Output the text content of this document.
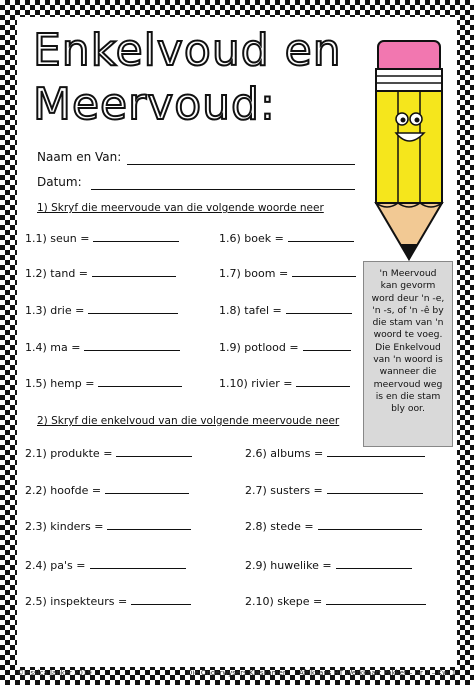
Enkelvoud en
Meervoud:
Naam en Van:
Datum:
1) Skryf die meervoude van die volgende woorde neer
1.1) seun =
1.2) tand =
1.3) drie =
1.4) ma =
1.5) hemp =
1.6) boek =
1.7) boom =
1.8) tafel =
1.9) potlood =
1.10) rivier =
'n Meervoud kan gevorm word deur 'n -e, 'n -s, of 'n -ê by die stam van 'n woord te voeg. Die Enkelvoud van 'n woord is wanneer die meervoud weg is en die stam bly oor.
2) Skryf die enkelvoud van die volgende meervoude neer
2.1) produkte =
2.2) hoofde =
2.3) kinders =
2.4) pa's =
2.5) inspekteurs =
2.6) albums =
2.7) susters =
2.8) stede =
2.9) huwelike =
2.10) skepe =
©Jessica Janker 2019	Die Onderwysers Klaskamer Afrikaans HT Werkkaart Pakket – Gr 7 – Kw. 1
